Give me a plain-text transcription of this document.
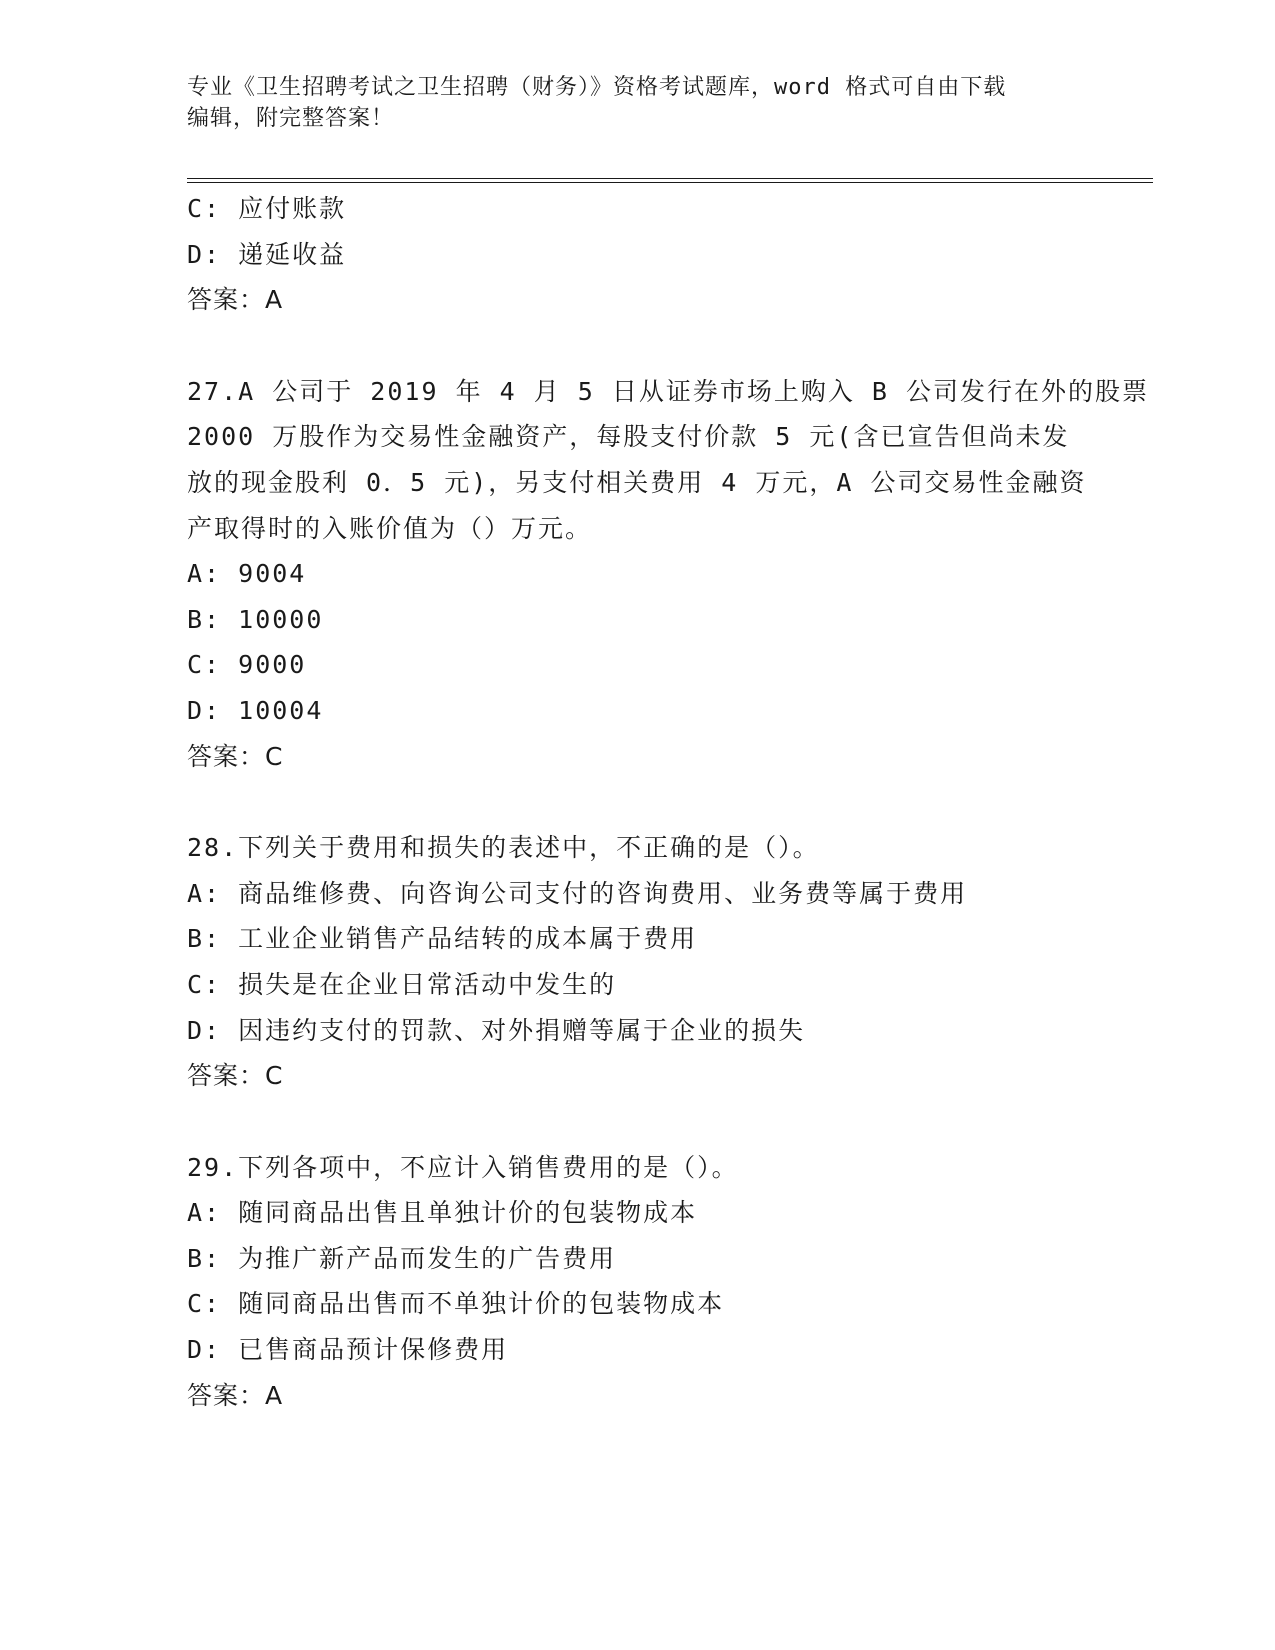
专业《卫生招聘考试之卫生招聘（财务）》资格考试题库，word 格式可自由下载
编辑，附完整答案！
C: 应付账款
D: 递延收益
答案：A
27.A 公司于 2019 年 4 月 5 日从证券市场上购入 B 公司发行在外的股票
2000 万股作为交易性金融资产，每股支付价款 5 元(含已宣告但尚未发
放的现金股利 0．5 元)，另支付相关费用 4 万元，A 公司交易性金融资
产取得时的入账价值为（）万元。
A: 9004
B: 10000
C: 9000
D: 10004
答案：C
28.下列关于费用和损失的表述中，不正确的是（）。
A: 商品维修费、向咨询公司支付的咨询费用、业务费等属于费用
B: 工业企业销售产品结转的成本属于费用
C: 损失是在企业日常活动中发生的
D: 因违约支付的罚款、对外捐赠等属于企业的损失
答案：C
29.下列各项中，不应计入销售费用的是（）。
A: 随同商品出售且单独计价的包装物成本
B: 为推广新产品而发生的广告费用
C: 随同商品出售而不单独计价的包装物成本
D: 已售商品预计保修费用
答案：A
